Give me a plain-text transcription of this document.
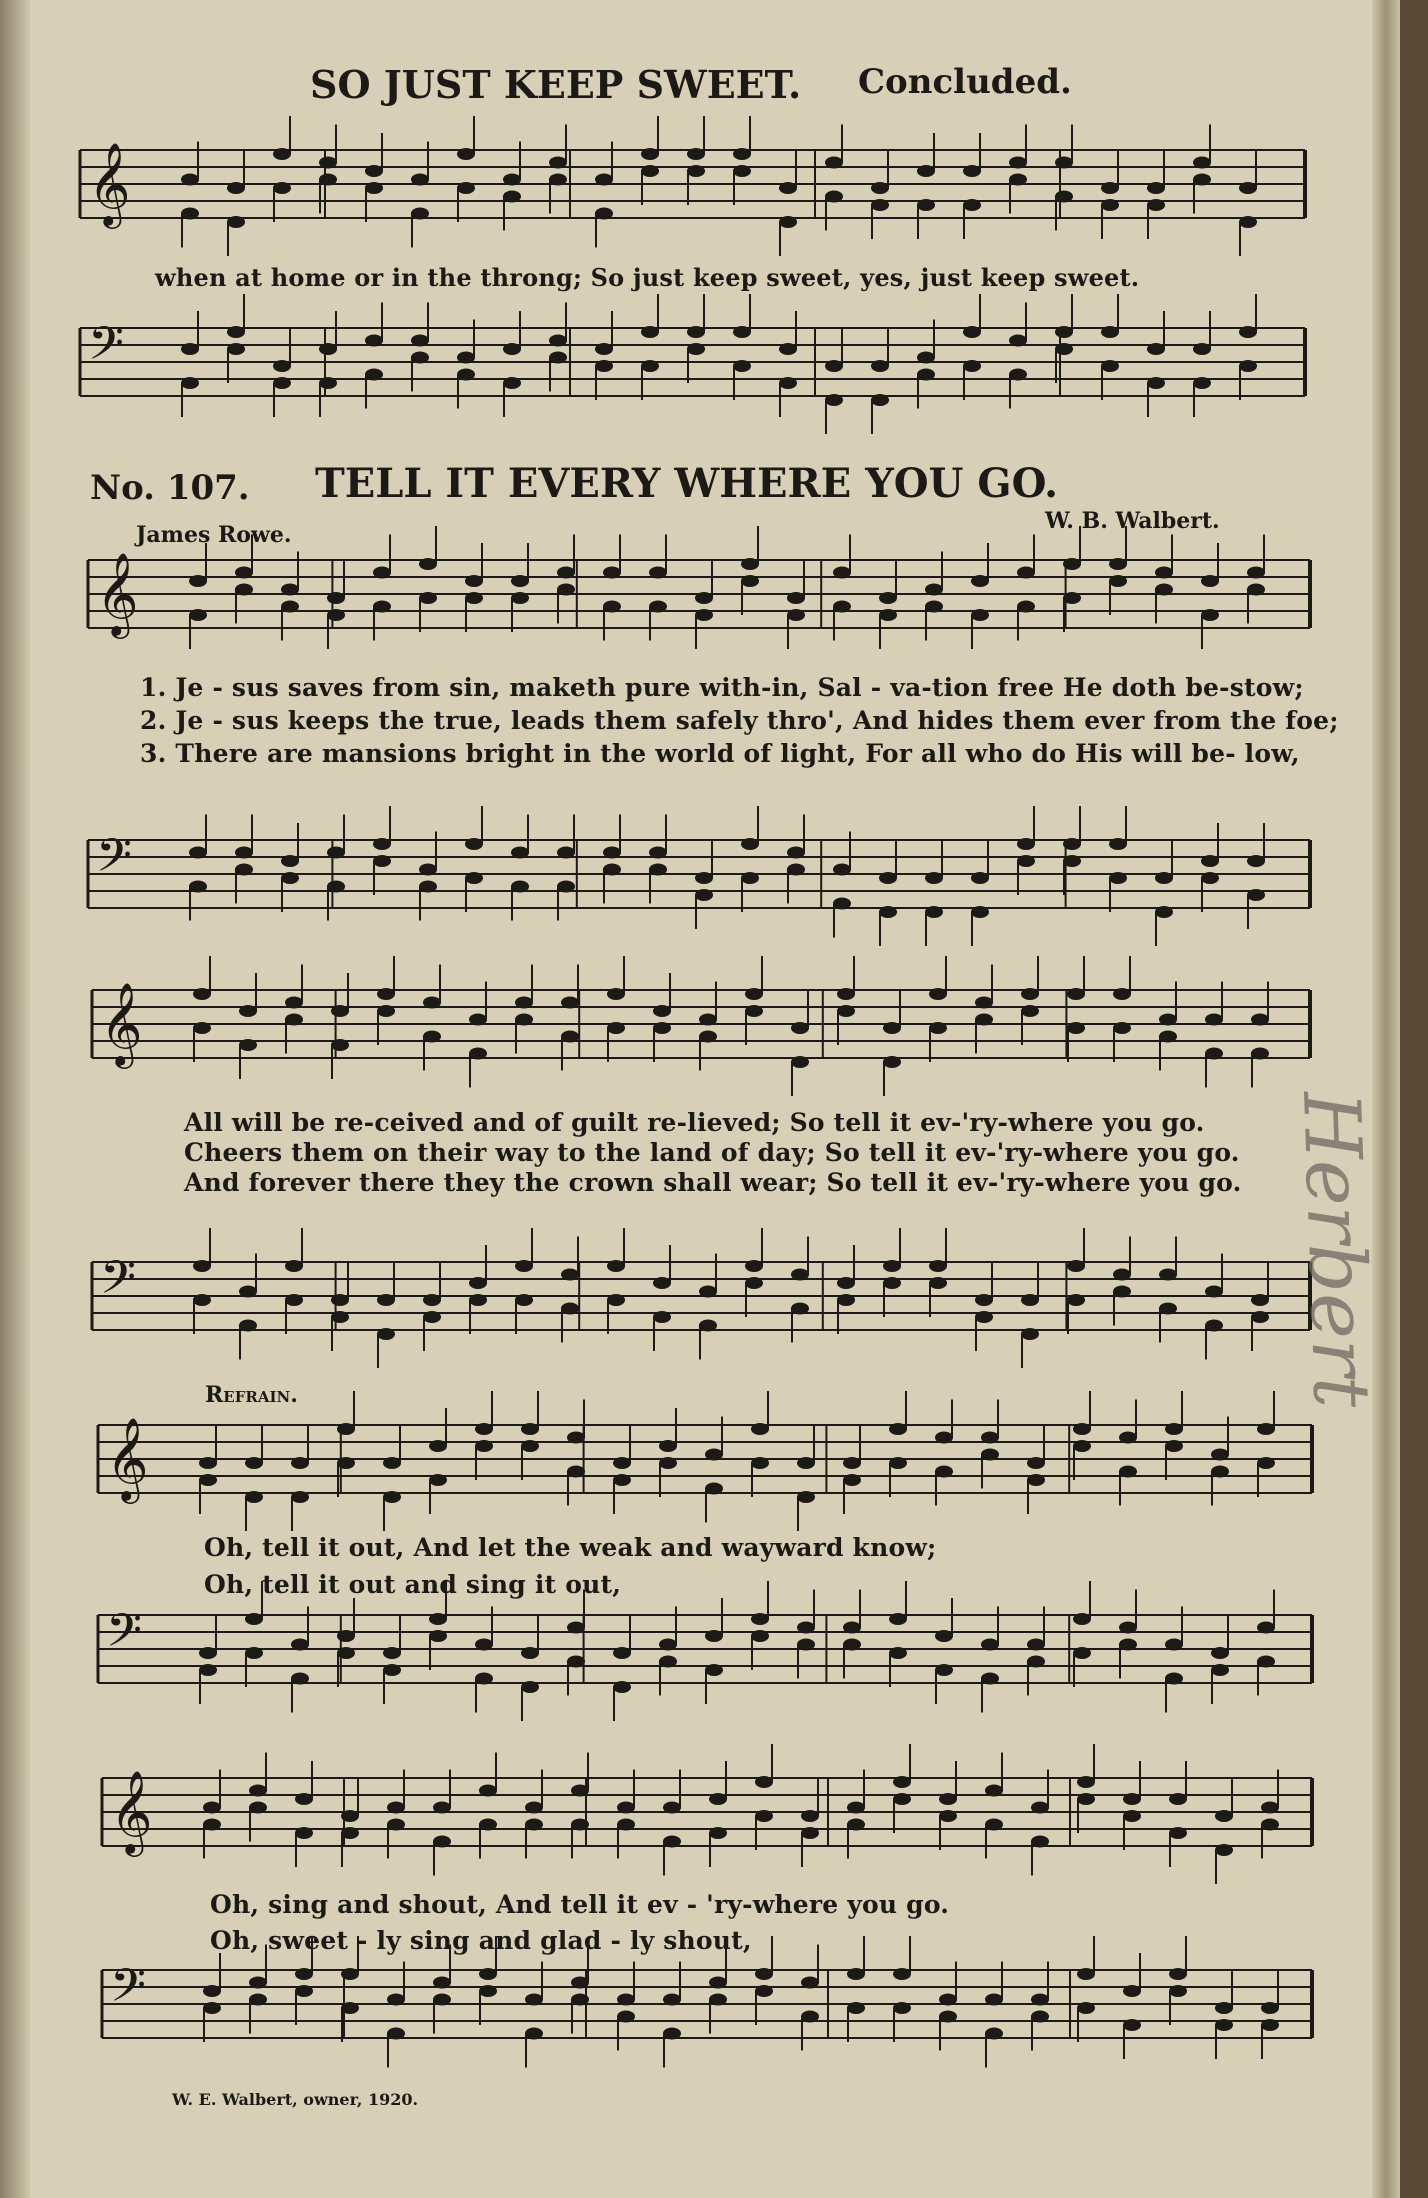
SO JUST KEEP SWEET. Concluded.
𝄞
𝄢
𝄞
𝄢
𝄞
𝄢
𝄞
𝄢
𝄞
𝄢
when at home or in the throng; So just keep sweet, yes, just keep sweet.
No. 107. TELL IT EVERY WHERE YOU GO.
James Rowe.
W. B. Walbert.
1. Je - sus saves from sin, maketh pure with-in, Sal - va-tion free He doth be-stow;
2. Je - sus keeps the true, leads them safely thro', And hides them ever from the foe;
3. There are mansions bright in the world of light, For all who do His will be- low,
All will be re-ceived and of guilt re-lieved; So tell it ev-'ry-where you go.
Cheers them on their way to the land of day; So tell it ev-'ry-where you go.
And forever there they the crown shall wear; So tell it ev-'ry-where you go.
Refrain.
Oh, tell it out, And let the weak and wayward know;
Oh, tell it out and sing it out,
Oh, sing and shout, And tell it ev - 'ry-where you go.
Oh, sweet - ly sing and glad - ly shout,
W. E. Walbert, owner, 1920.
Herbert
